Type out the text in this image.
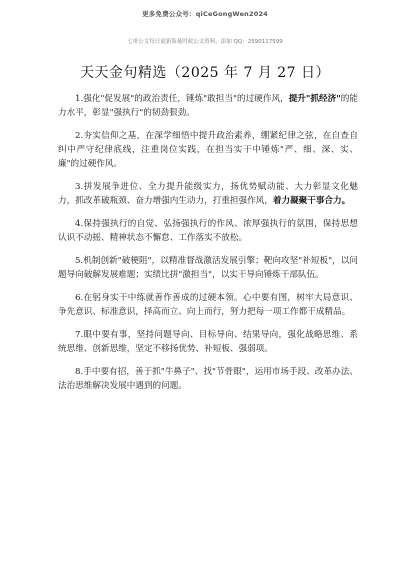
更多免费公众号：qiCeGongWen2024
七哥公文每日更新海量时政公文资料，添加 QQ：2590117599
天天金句精选（2025 年 7 月 27 日）

1.强化"促发展"的政治责任，锤炼"敢担当"的过硬作风，提升"抓经济"的能力水平，彰显"强执行"的韧劲狠劲。

2.夯实信仰之基，在深学细悟中提升政治素养，绷紧纪律之弦，在自查自纠中严守纪律底线，注重岗位实践，在担当实干中锤炼"严、细、深、实、廉"的过硬作风。

3.拼发展争进位、全力提升能级实力，扬优势赋动能、大力彰显文化魅力，抓改革破瓶颈、奋力增强内生动力，打重担强作风，着力凝聚干事合力。

4.保持强执行的自觉、弘扬强执行的作风、浓厚强执行的氛围，保持思想认识不动摇、精神状态不懈怠、工作落实不放松。

5.机制创新"破梗阻"，以精准督战激活发展引擎；靶向攻坚"补短板"，以问题导向破解发展难题；实绩比拼"激担当"，以实干导向锤炼干部队伍。

6.在躬身实干中练就善作善成的过硬本领。心中要有图，树牢大局意识、争先意识、标准意识，择高而立、向上而行，努力把每一项工作都干成精品。

7.眼中要有事，坚持问题导向、目标导向、结果导向，强化战略思维、系统思维、创新思维，坚定不移扬优势、补短板、强弱项。

8.手中要有招，善于抓"牛鼻子"、找"节骨眼"，运用市场手段、改革办法、法治思维解决发展中遇到的问题。
